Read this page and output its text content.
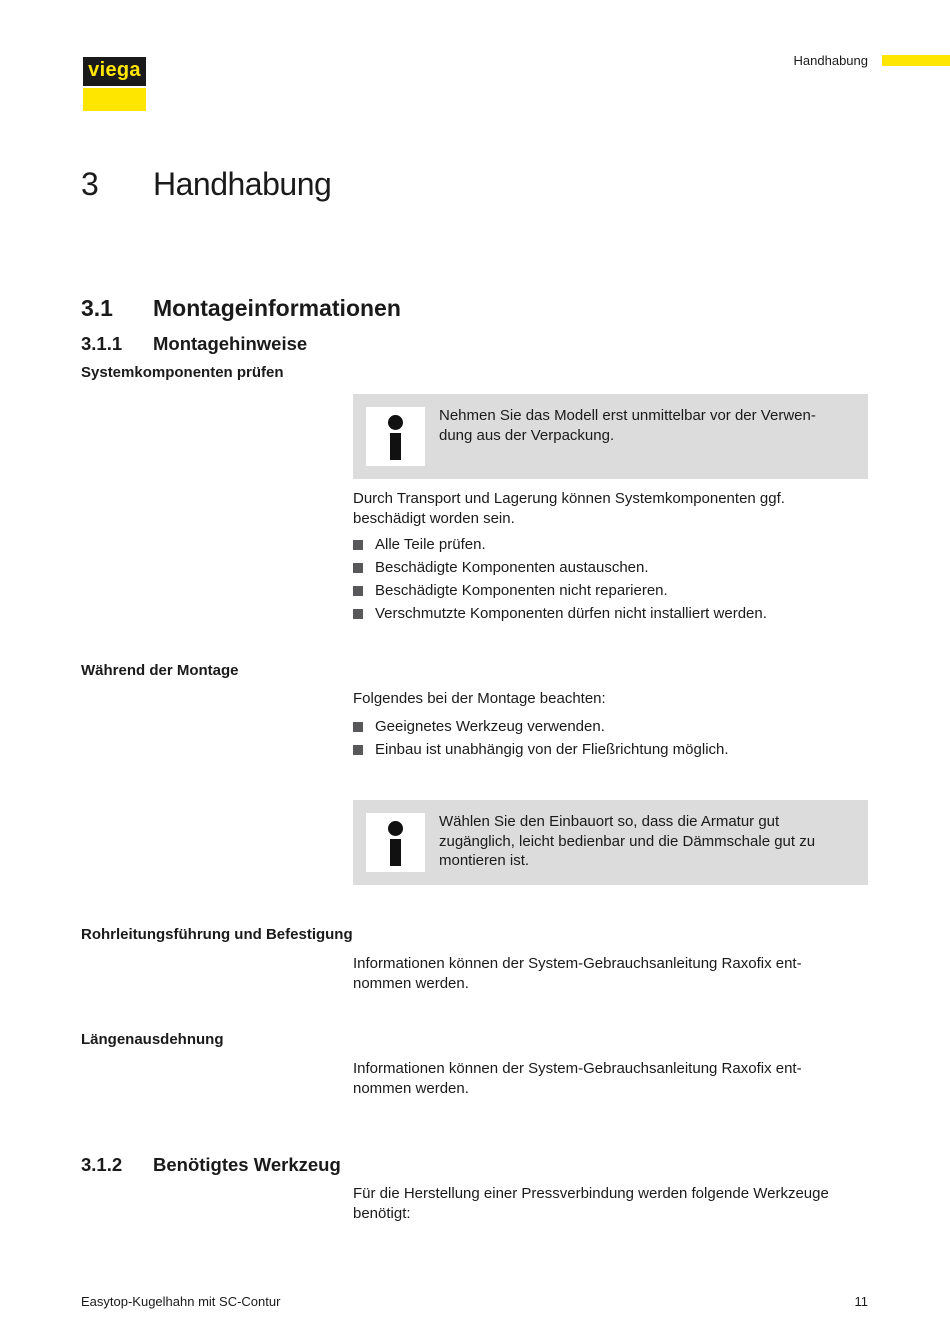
viega	Handhabung
3 Handhabung
3.1 Montageinformationen
3.1.1 Montagehinweise
Systemkomponenten prüfen
Nehmen Sie das Modell erst unmittelbar vor der Verwen-
dung aus der Verpackung.
Durch Transport und Lagerung können Systemkomponenten ggf.
beschädigt worden sein.
Alle Teile prüfen.
Beschädigte Komponenten austauschen.
Beschädigte Komponenten nicht reparieren.
Verschmutzte Komponenten dürfen nicht installiert werden.
Während der Montage
Folgendes bei der Montage beachten:
Geeignetes Werkzeug verwenden.
Einbau ist unabhängig von der Fließrichtung möglich.
Wählen Sie den Einbauort so, dass die Armatur gut
zugänglich, leicht bedienbar und die Dämmschale gut zu
montieren ist.
Rohrleitungsführung und Befestigung
Informationen können der System-Gebrauchsanleitung Raxofix ent-
nommen werden.
Längenausdehnung
Informationen können der System-Gebrauchsanleitung Raxofix ent-
nommen werden.
3.1.2 Benötigtes Werkzeug
Für die Herstellung einer Pressverbindung werden folgende Werkzeuge
benötigt:
Easytop-Kugelhahn mit SC-Contur	11
